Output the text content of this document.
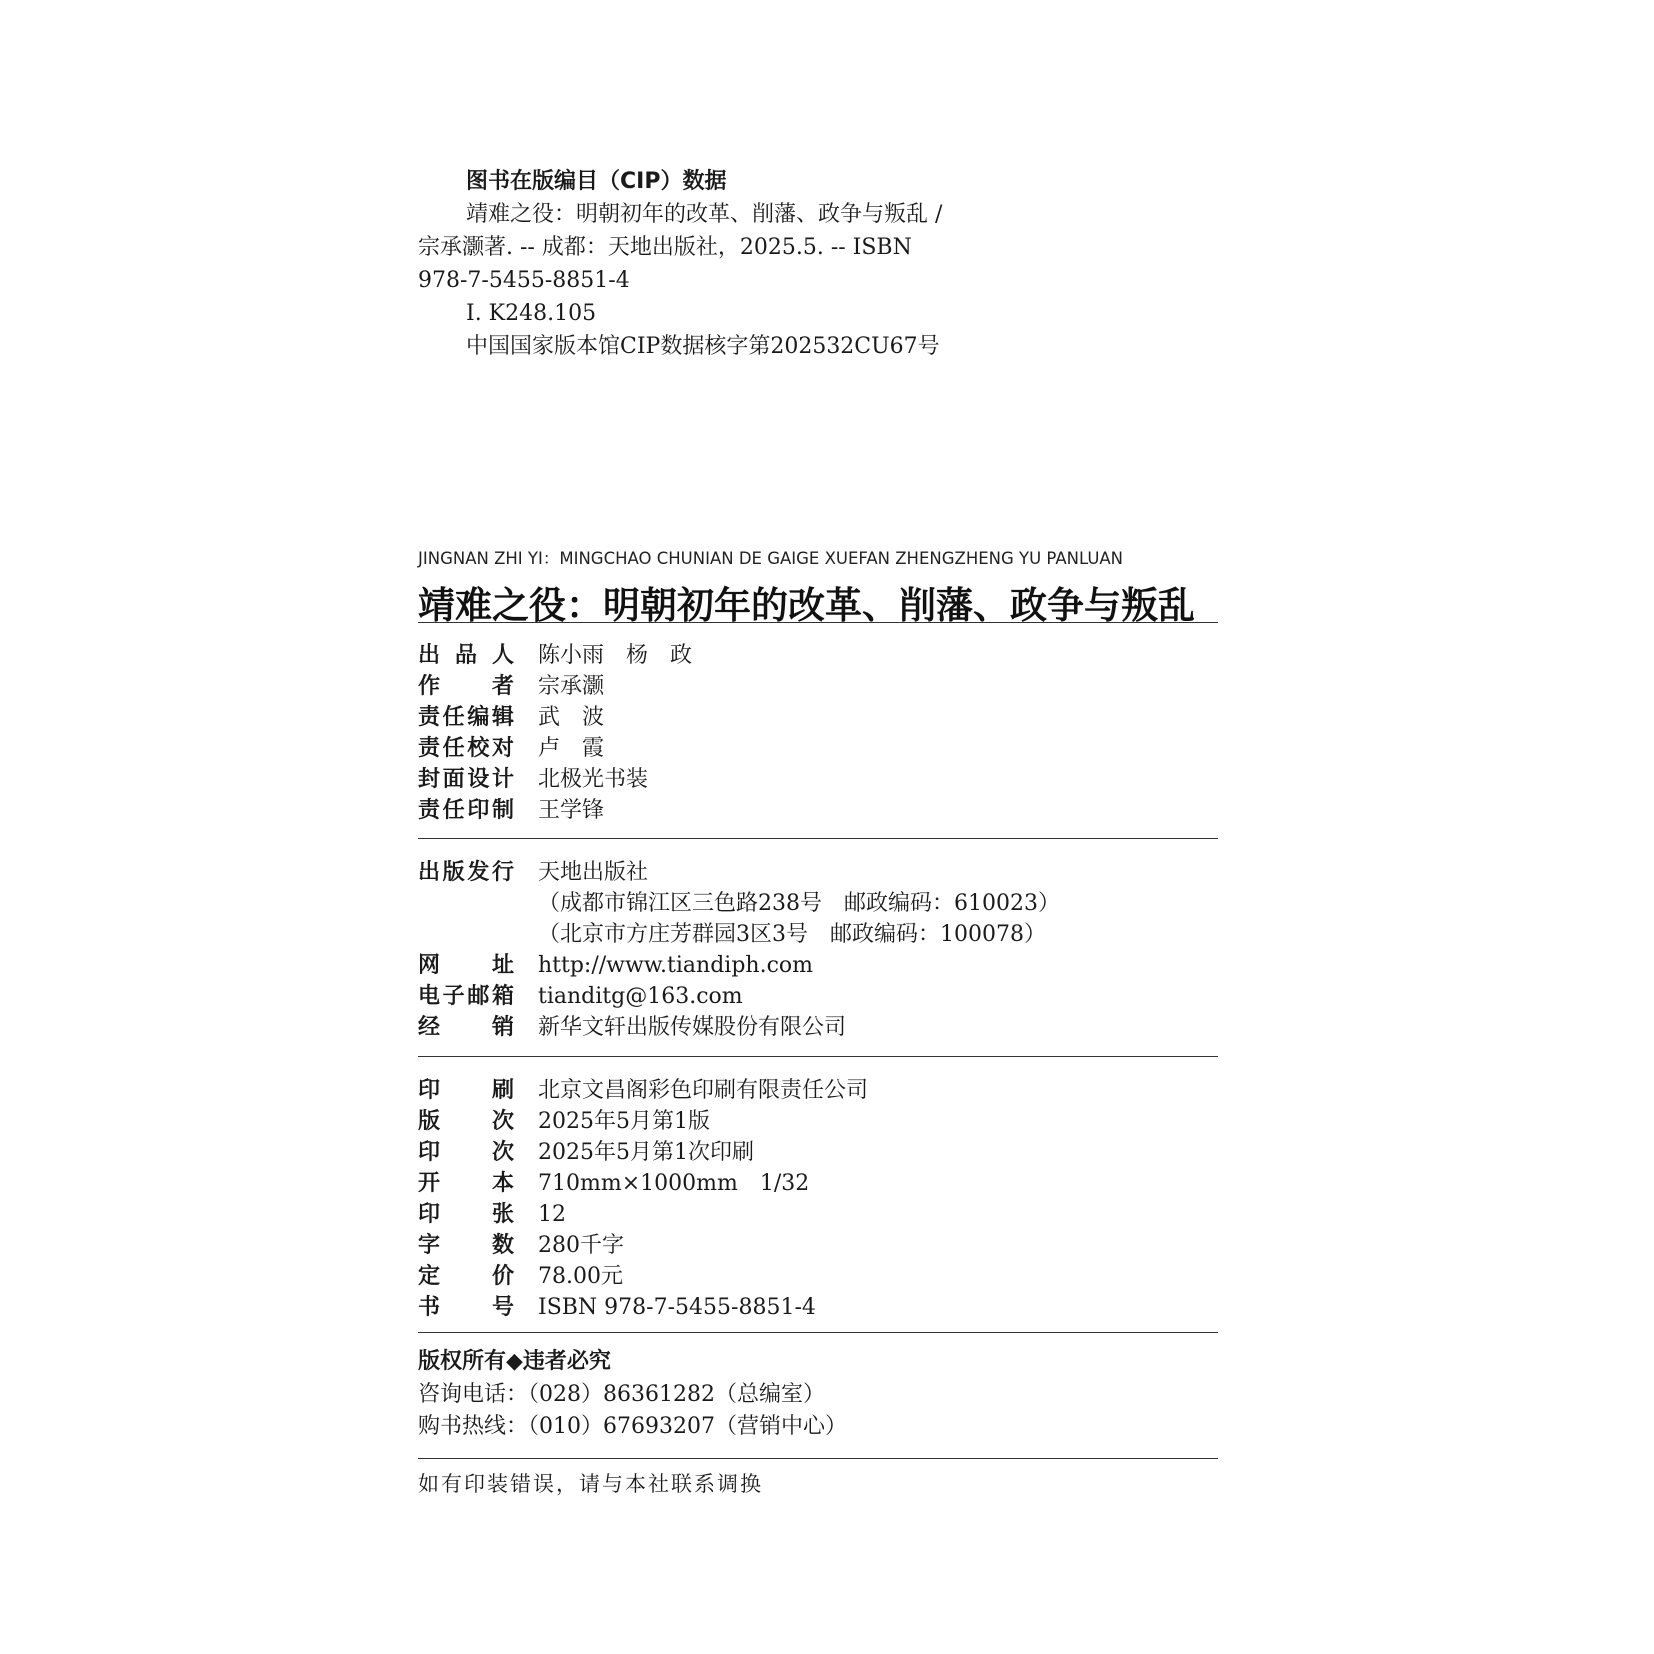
图书在版编目（CIP）数据
靖难之役：明朝初年的改革、削藩、政争与叛乱 /
宗承灏著. -- 成都：天地出版社，2025.5. -- ISBN
978-7-5455-8851-4
Ⅰ. K248.105
中国国家版本馆CIP数据核字第202532CU67号
JINGNAN ZHI YI：MINGCHAO CHUNIAN DE GAIGE XUEFAN ZHENGZHENG YU PANLUAN
靖难之役：明朝初年的改革、削藩、政争与叛乱
出品人 陈小雨　杨　政
作者 宗承灏
责任编辑 武　波
责任校对 卢　霞
封面设计 北极光书装
责任印制 王学锋
出版发行 天地出版社
（成都市锦江区三色路238号　邮政编码：610023）
（北京市方庄芳群园3区3号　邮政编码：100078）
网址 http://www.tiandiph.com
电子邮箱 tianditg@163.com
经销 新华文轩出版传媒股份有限公司
印刷 北京文昌阁彩色印刷有限责任公司
版次 2025年5月第1版
印次 2025年5月第1次印刷
开本 710mm×1000mm　1/32
印张 12
字数 280千字
定价 78.00元
书号 ISBN 978-7-5455-8851-4
版权所有◆违者必究
咨询电话：（028）86361282（总编室）
购书热线：（010）67693207（营销中心）
如有印装错误，请与本社联系调换
